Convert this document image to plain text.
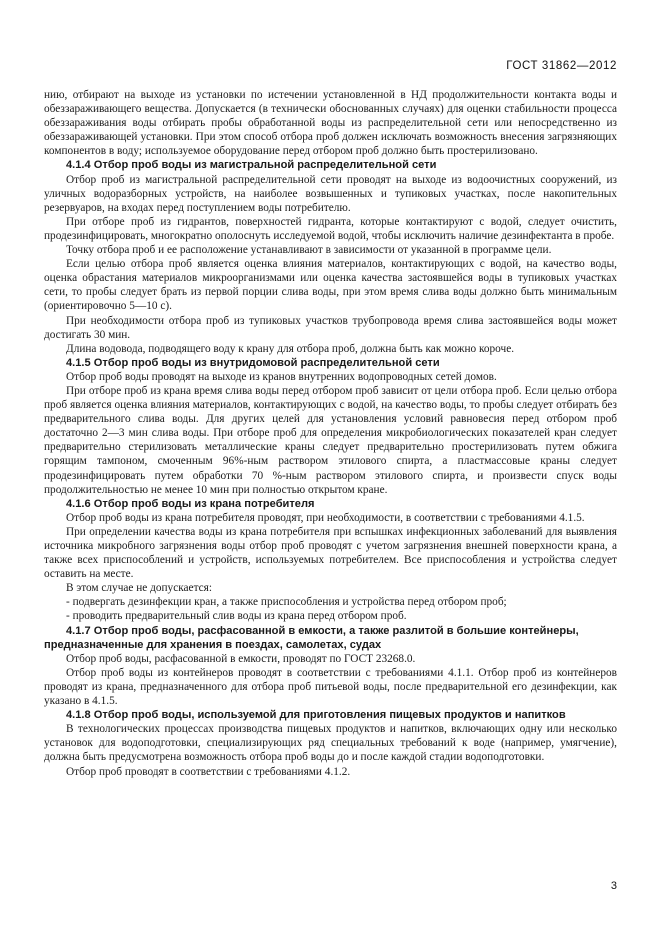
ГОСТ 31862—2012

нию, отбирают на выходе из установки по истечении установленной в НД продолжительности контакта воды и обеззараживающего вещества. Допускается (в технически обоснованных случаях) для оценки стабильности процесса обеззараживания воды отбирать пробы обработанной воды из распределительной сети или непосредственно из обеззараживающей установки. При этом способ отбора проб должен исключать возможность внесения загрязняющих компонентов в воду; используемое оборудование перед отбором проб должно быть простерилизовано.

4.1.4 Отбор проб воды из магистральной распределительной сети

Отбор проб из магистральной распределительной сети проводят на выходе из водоочистных сооружений, из уличных водоразборных устройств, на наиболее возвышенных и тупиковых участках, после накопительных резервуаров, на входах перед поступлением воды потребителю.

При отборе проб из гидрантов, поверхностей гидранта, которые контактируют с водой, следует очистить, продезинфицировать, многократно ополоснуть исследуемой водой, чтобы исключить наличие дезинфектанта в пробе.

Точку отбора проб и ее расположение устанавливают в зависимости от указанной в программе цели.

Если целью отбора проб является оценка влияния материалов, контактирующих с водой, на качество воды, оценка обрастания материалов микроорганизмами или оценка качества застоявшейся воды в тупиковых участках сети, то пробы следует брать из первой порции слива воды, при этом время слива воды должно быть минимальным (ориентировочно 5—10 с).

При необходимости отбора проб из тупиковых участков трубопровода время слива застоявшейся воды может достигать 30 мин.

Длина водовода, подводящего воду к крану для отбора проб, должна быть как можно короче.

4.1.5 Отбор проб воды из внутридомовой распределительной сети

Отбор проб воды проводят на выходе из кранов внутренних водопроводных сетей домов.

При отборе проб из крана время слива воды перед отбором проб зависит от цели отбора проб. Если целью отбора проб является оценка влияния материалов, контактирующих с водой, на качество воды, то пробы следует отбирать без предварительного слива воды. Для других целей для установления условий равновесия перед отбором проб достаточно 2—3 мин слива воды. При отборе проб для определения микробиологических показателей кран следует предварительно стерилизовать металлические краны следует предварительно простерилизовать путем обжига горящим тампоном, смоченным 96%-ным раствором этилового спирта, а пластмассовые краны следует продезинфицировать путем обработки 70 %-ным раствором этилового спирта, и произвести спуск воды продолжительностью не менее 10 мин при полностью открытом кране.

4.1.6 Отбор проб воды из крана потребителя

Отбор проб воды из крана потребителя проводят, при необходимости, в соответствии с требованиями 4.1.5.

При определении качества воды из крана потребителя при вспышках инфекционных заболеваний для выявления источника микробного загрязнения воды отбор проб проводят с учетом загрязнения внешней поверхности крана, а также всех приспособлений и устройств, используемых потребителем. Все приспособления и устройства следует оставить на месте.

В этом случае не допускается:

- подвергать дезинфекции кран, а также приспособления и устройства перед отбором проб;

- проводить предварительный слив воды из крана перед отбором проб.

4.1.7 Отбор проб воды, расфасованной в емкости, а также разлитой в большие контейнеры, предназначенные для хранения в поездах, самолетах, судах

Отбор проб воды, расфасованной в емкости, проводят по ГОСТ 23268.0.

Отбор проб воды из контейнеров проводят в соответствии с требованиями 4.1.1. Отбор проб из контейнеров проводят из крана, предназначенного для отбора проб питьевой воды, после предварительной его дезинфекции, как указано в 4.1.5.

4.1.8 Отбор проб воды, используемой для приготовления пищевых продуктов и напитков

В технологических процессах производства пищевых продуктов и напитков, включающих одну или несколько установок для водоподготовки, специализирующих ряд специальных требований к воде (например, умягчение), должна быть предусмотрена возможность отбора проб воды до и после каждой стадии водоподготовки.

Отбор проб проводят в соответствии с требованиями 4.1.2.

3
